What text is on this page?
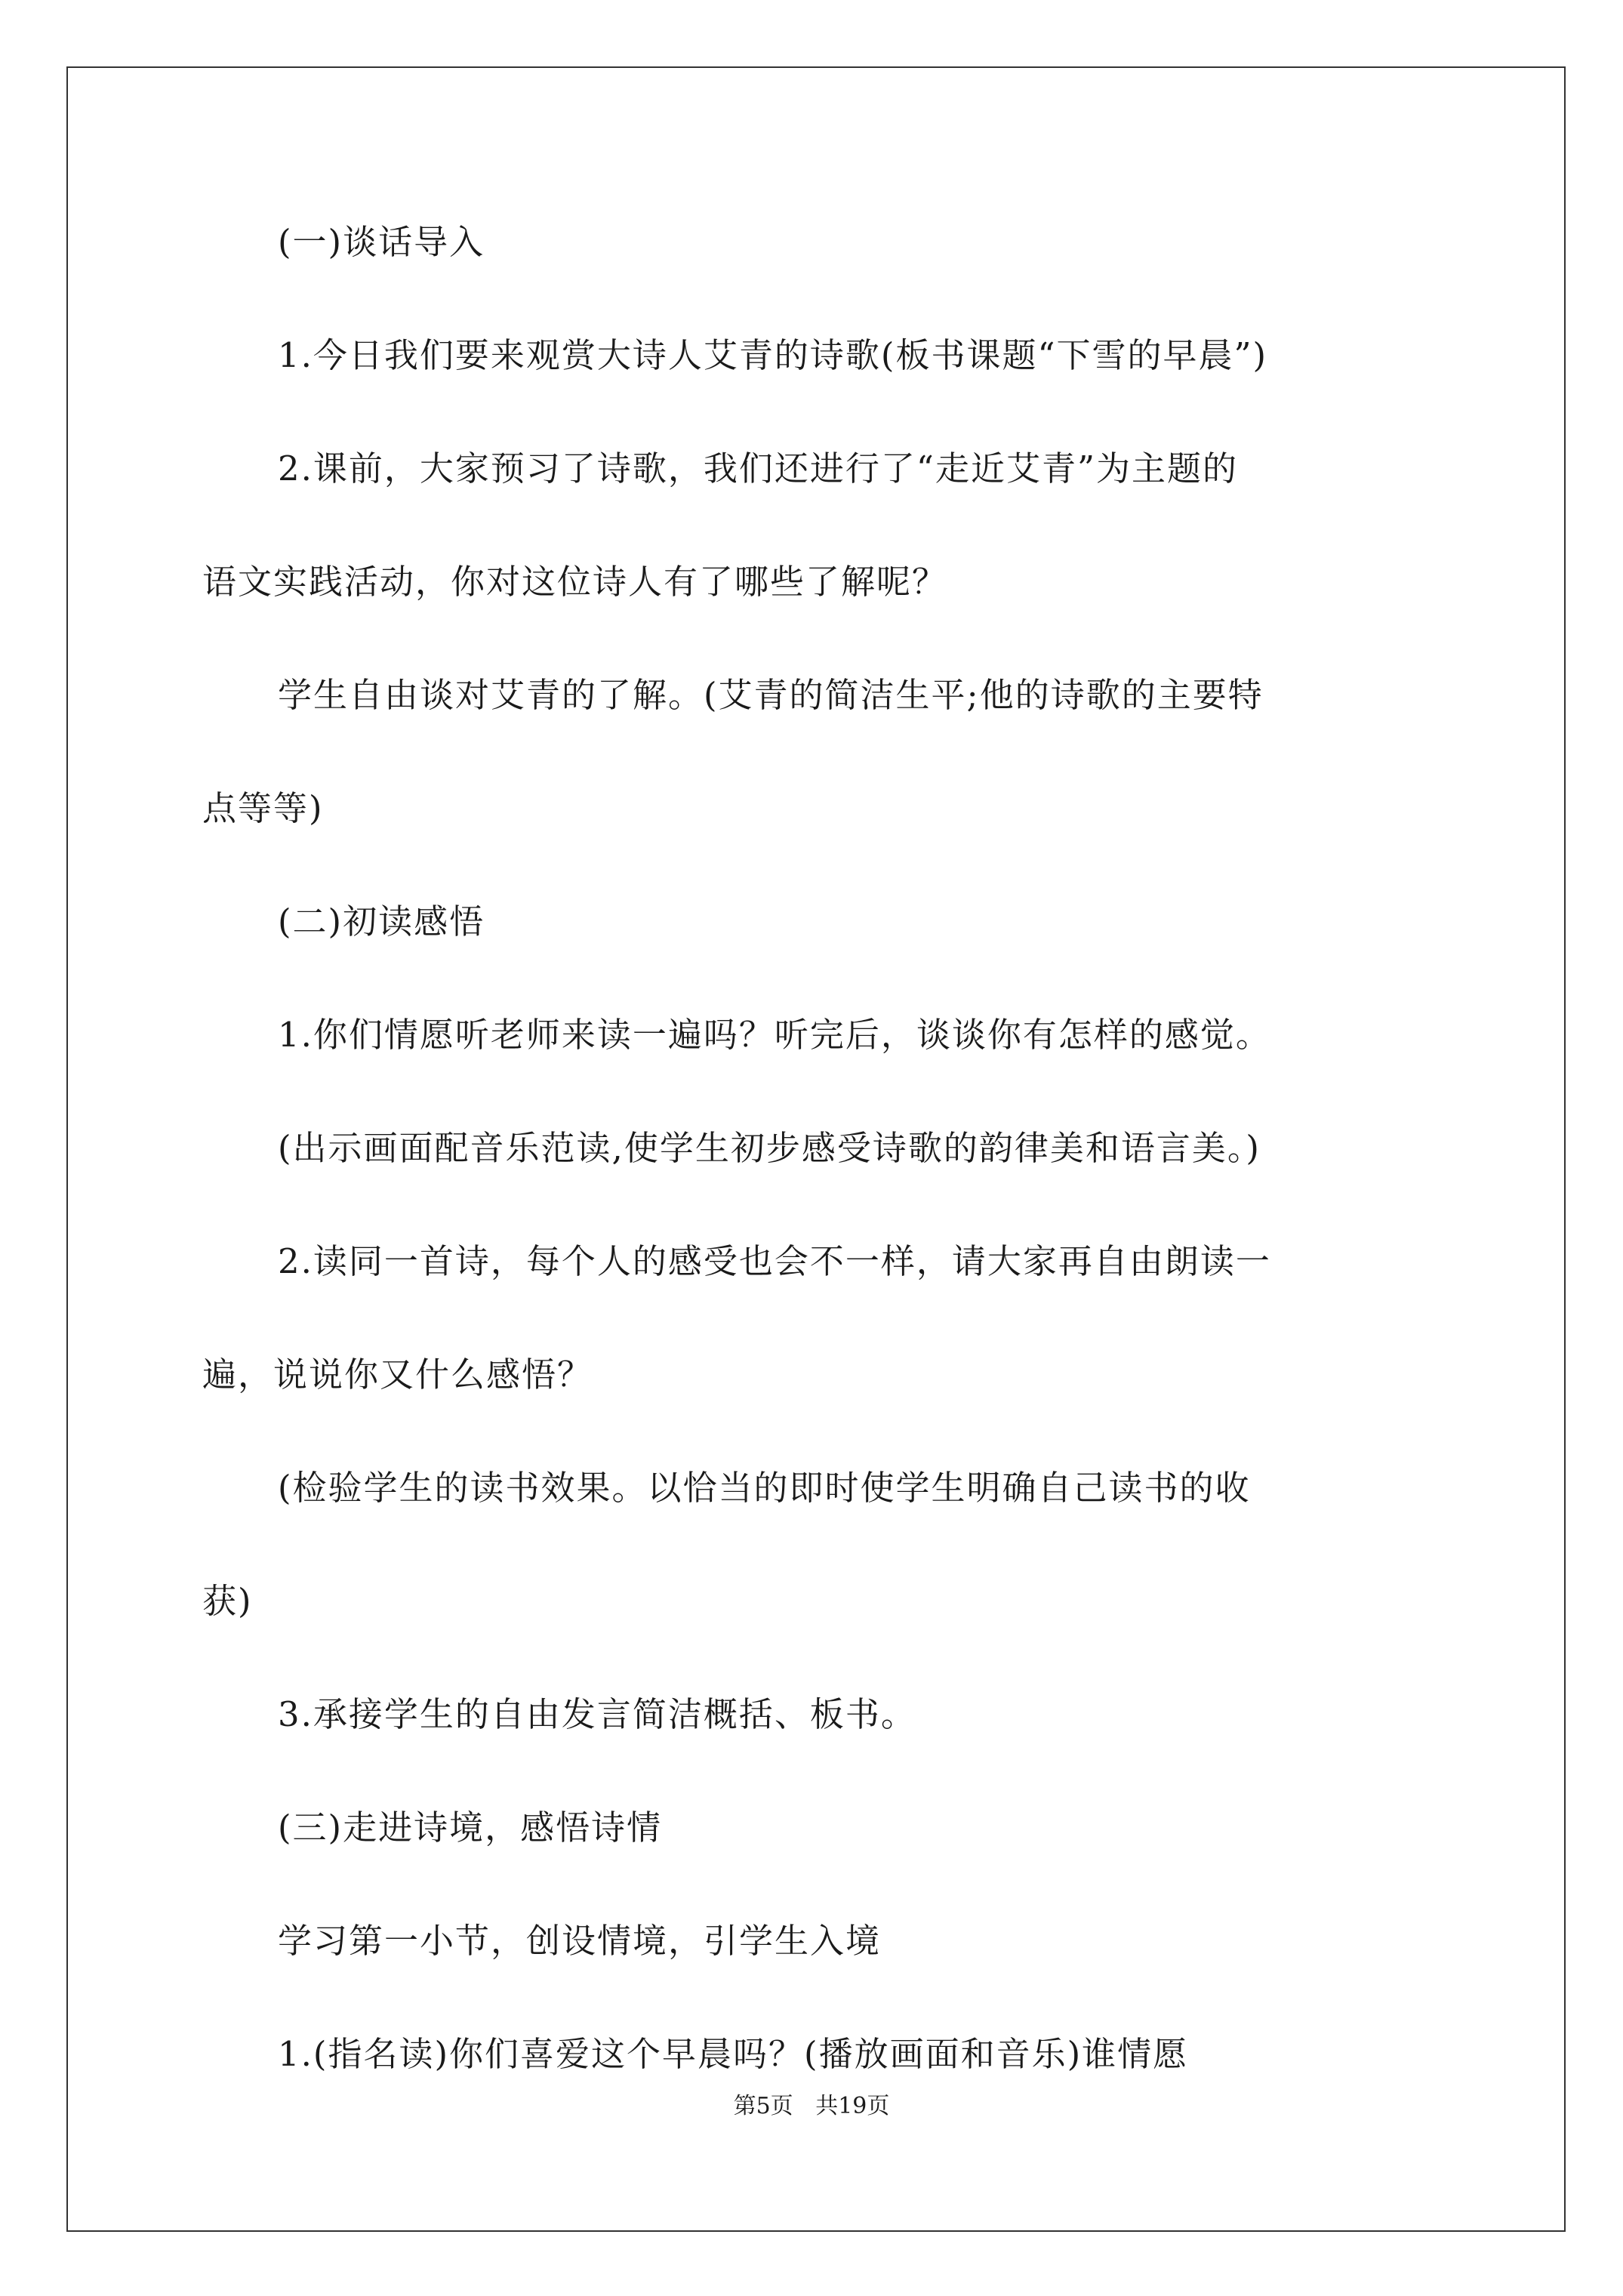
(一)谈话导入
1.今日我们要来观赏大诗人艾青的诗歌(板书课题“下雪的早晨”)
2.课前，大家预习了诗歌，我们还进行了“走近艾青”为主题的
语文实践活动，你对这位诗人有了哪些了解呢？
学生自由谈对艾青的了解。(艾青的简洁生平;他的诗歌的主要特
点等等)
(二)初读感悟
1.你们情愿听老师来读一遍吗？听完后，谈谈你有怎样的感觉。
(出示画面配音乐范读,使学生初步感受诗歌的韵律美和语言美。)
2.读同一首诗，每个人的感受也会不一样，请大家再自由朗读一
遍，说说你又什么感悟？
(检验学生的读书效果。以恰当的即时使学生明确自己读书的收
获)
3.承接学生的自由发言简洁概括、板书。
(三)走进诗境，感悟诗情
学习第一小节，创设情境，引学生入境
1.(指名读)你们喜爱这个早晨吗？(播放画面和音乐)谁情愿
第5页 共19页
